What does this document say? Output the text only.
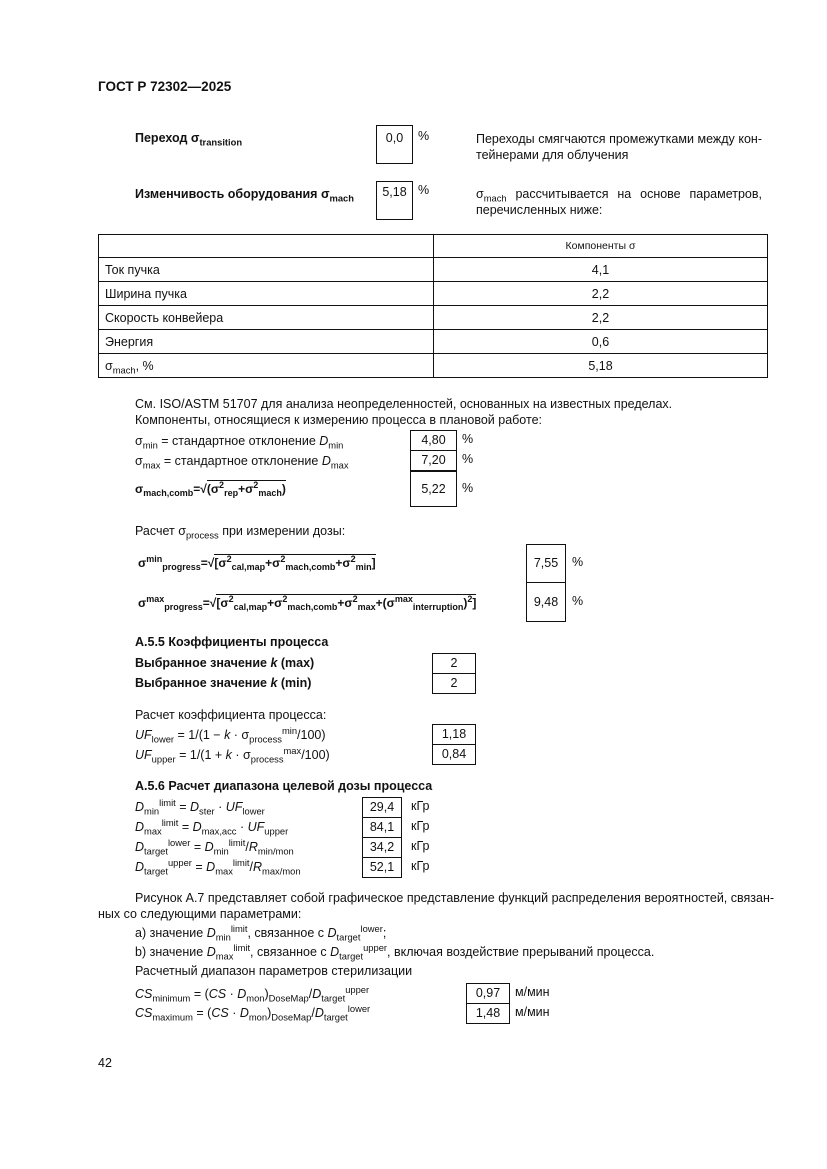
ГОСТ Р 72302—2025
Переход $\sigma_{transition}$	0,0	%	Переходы смягчаются промежутками между кон-тейнерами для облучения
Изменчивость оборудования $\sigma_{mach}$	5,18 %	$\sigma_{mach}$ рассчитывается на основе параметров, перечисленных ниже:
	Компоненты σ
Ток пучка	4,1
Ширина пучка	2,2
Скорость конвейера	2,2
Энергия	0,6
$\sigma_{mach}$, %	5,18
См. ISO/ASTM 51707 для анализа неопределенностей, основанных на известных пределах.
Компоненты, относящиеся к измерению процесса в плановой работе:
$\sigma_{min}$ = стандартное отклонение $D_{min}$	4,80	%
$\sigma_{max}$ = стандартное отклонение $D_{max}$	7,20	%
$\sigma_{mach,comb}=√(\sigma^2_{rep}+\sigma^2_{mach})$	5,22	%
Расчет $\sigma_{process}$ при измерении дозы:
$\sigma^{min}_{progress}=√[\sigma^2_{cal,map}+\sigma^2_{mach,comb}+\sigma^2_{min}]$	7,55	%
$\sigma^{max}_{progress}=√[\sigma^2_{cal,map}+\sigma^2_{mach,comb}+\sigma^2_{max}+(\sigma^{max}_{interruption})^2]$	9,48	%
А.5.5 Коэффициенты процесса
Выбранное значение k (max)	2
Выбранное значение k (min)	2
Расчет коэффициента процесса:
$UF_{lower} = 1/(1 - k \cdot \sigma_{process}^{min}/100)$	1,18
$UF_{upper} = 1/(1 + k \cdot \sigma_{process}^{max}/100)$	0,84
А.5.6 Расчет диапазона целевой дозы процесса
$D_{min}^{limit} = D_{ster} \cdot UF_{lower}$	29,4	кГр
$D_{max}^{limit} = D_{max,acc} \cdot UF_{upper}$	84,1	кГр
$D_{target}^{lower} = D_{min}^{limit}/R_{min/mon}$	34,2	кГр
$D_{target}^{upper} = D_{max}^{limit}/R_{max/mon}$	52,1	кГр
Рисунок А.7 представляет собой графическое представление функций распределения вероятностей, связан-
ных со следующими параметрами:
а) значение $D_{min}^{limit}$, связанное с $D_{target}^{lower}$;
b) значение $D_{max}^{limit}$, связанное с $D_{target}^{upper}$, включая воздействие прерываний процесса.
Расчетный диапазон параметров стерилизации
$CS_{minimum} = (CS \cdot D_{mon})_{DoseMap}/D_{target}^{upper}$	0,97	м/мин
$CS_{maximum} = (CS \cdot D_{mon})_{DoseMap}/D_{target}^{lower}$	1,48	м/мин
42
